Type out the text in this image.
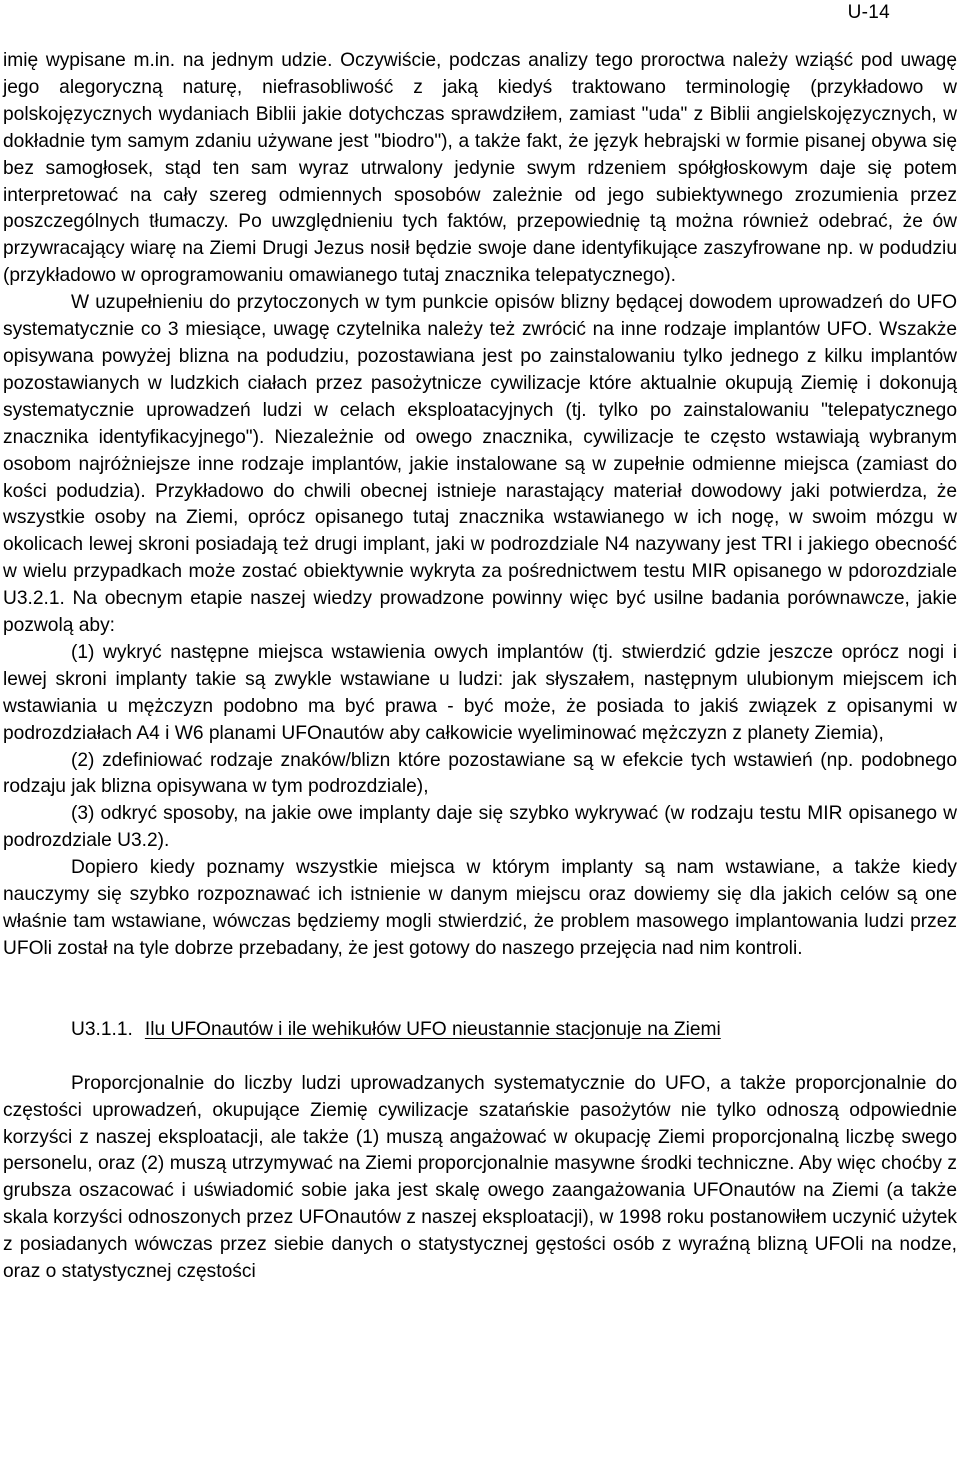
U-14

imię wypisane m.in. na jednym udzie. Oczywiście, podczas analizy tego proroctwa należy wziąść pod uwagę jego alegoryczną naturę, niefrasobliwość z jaką kiedyś traktowano terminologię (przykładowo w polskojęzycznych wydaniach Biblii jakie dotychczas sprawdziłem, zamiast "uda" z Biblii angielskojęzycznych, w dokładnie tym samym zdaniu używane jest "biodro"), a także fakt, że język hebrajski w formie pisanej obywa się bez samogłosek, stąd ten sam wyraz utrwalony jedynie swym rdzeniem spółgłoskowym daje się potem interpretować na cały szereg odmiennych sposobów zależnie od jego subiektywnego zrozumienia przez poszczególnych tłumaczy. Po uwzględnieniu tych faktów, przepowiednię tą można również odebrać, że ów przywracający wiarę na Ziemi Drugi Jezus nosił będzie swoje dane identyfikujące zaszyfrowane np. w podudziu (przykładowo w oprogramowaniu omawianego tutaj znacznika telepatycznego).

W uzupełnieniu do przytoczonych w tym punkcie opisów blizny będącej dowodem uprowadzeń do UFO systematycznie co 3 miesiące, uwagę czytelnika należy też zwrócić na inne rodzaje implantów UFO. Wszakże opisywana powyżej blizna na podudziu, pozostawiana jest po zainstalowaniu tylko jednego z kilku implantów pozostawianych w ludzkich ciałach przez pasożytnicze cywilizacje które aktualnie okupują Ziemię i dokonują systematycznie uprowadzeń ludzi w celach eksploatacyjnych (tj. tylko po zainstalowaniu "telepatycznego znacznika identyfikacyjnego"). Niezależnie od owego znacznika, cywilizacje te często wstawiają wybranym osobom najróżniejsze inne rodzaje implantów, jakie instalowane są w zupełnie odmienne miejsca (zamiast do kości podudzia). Przykładowo do chwili obecnej istnieje narastający materiał dowodowy jaki potwierdza, że wszystkie osoby na Ziemi, oprócz opisanego tutaj znacznika wstawianego w ich nogę, w swoim mózgu w okolicach lewej skroni posiadają też drugi implant, jaki w podrozdziale N4 nazywany jest TRI i jakiego obecność w wielu przypadkach może zostać obiektywnie wykryta za pośrednictwem testu MIR opisanego w pdorozdziale U3.2.1. Na obecnym etapie naszej wiedzy prowadzone powinny więc być usilne badania porównawcze, jakie pozwolą aby:

(1) wykryć następne miejsca wstawienia owych implantów (tj. stwierdzić gdzie jeszcze oprócz nogi i lewej skroni implanty takie są zwykle wstawiane u ludzi: jak słyszałem, następnym ulubionym miejscem ich wstawiania u mężczyzn podobno ma być prawa - być może, że posiada to jakiś związek z opisanymi w podrozdziałach A4 i W6 planami UFOnautów aby całkowicie wyeliminować mężczyzn z planety Ziemia),

(2) zdefiniować rodzaje znaków/blizn które pozostawiane są w efekcie tych wstawień (np. podobnego rodzaju jak blizna opisywana w tym podrozdziale),

(3) odkryć sposoby, na jakie owe implanty daje się szybko wykrywać (w rodzaju testu MIR opisanego w podrozdziale U3.2).

Dopiero kiedy poznamy wszystkie miejsca w którym implanty są nam wstawiane, a także kiedy nauczymy się szybko rozpoznawać ich istnienie w danym miejscu oraz dowiemy się dla jakich celów są one właśnie tam wstawiane, wówczas będziemy mogli stwierdzić, że problem masowego implantowania ludzi przez UFOli został na tyle dobrze przebadany, że jest gotowy do naszego przejęcia nad nim kontroli.

U3.1.1. Ilu UFOnautów i ile wehikułów UFO nieustannie stacjonuje na Ziemi

Proporcjonalnie do liczby ludzi uprowadzanych systematycznie do UFO, a także proporcjonalnie do częstości uprowadzeń, okupujące Ziemię cywilizacje szatańskie pasożytów nie tylko odnoszą odpowiednie korzyści z naszej eksploatacji, ale także (1) muszą angażować w okupację Ziemi proporcjonalną liczbę swego personelu, oraz (2) muszą utrzymywać na Ziemi proporcjonalnie masywne środki techniczne. Aby więc choćby z grubsza oszacować i uświadomić sobie jaka jest skalę owego zaangażowania UFOnautów na Ziemi (a także skala korzyści odnoszonych przez UFOnautów z naszej eksploatacji), w 1998 roku postanowiłem uczynić użytek z posiadanych wówczas przez siebie danych o statystycznej gęstości osób z wyraźną blizną UFOli na nodze, oraz o statystycznej częstości
